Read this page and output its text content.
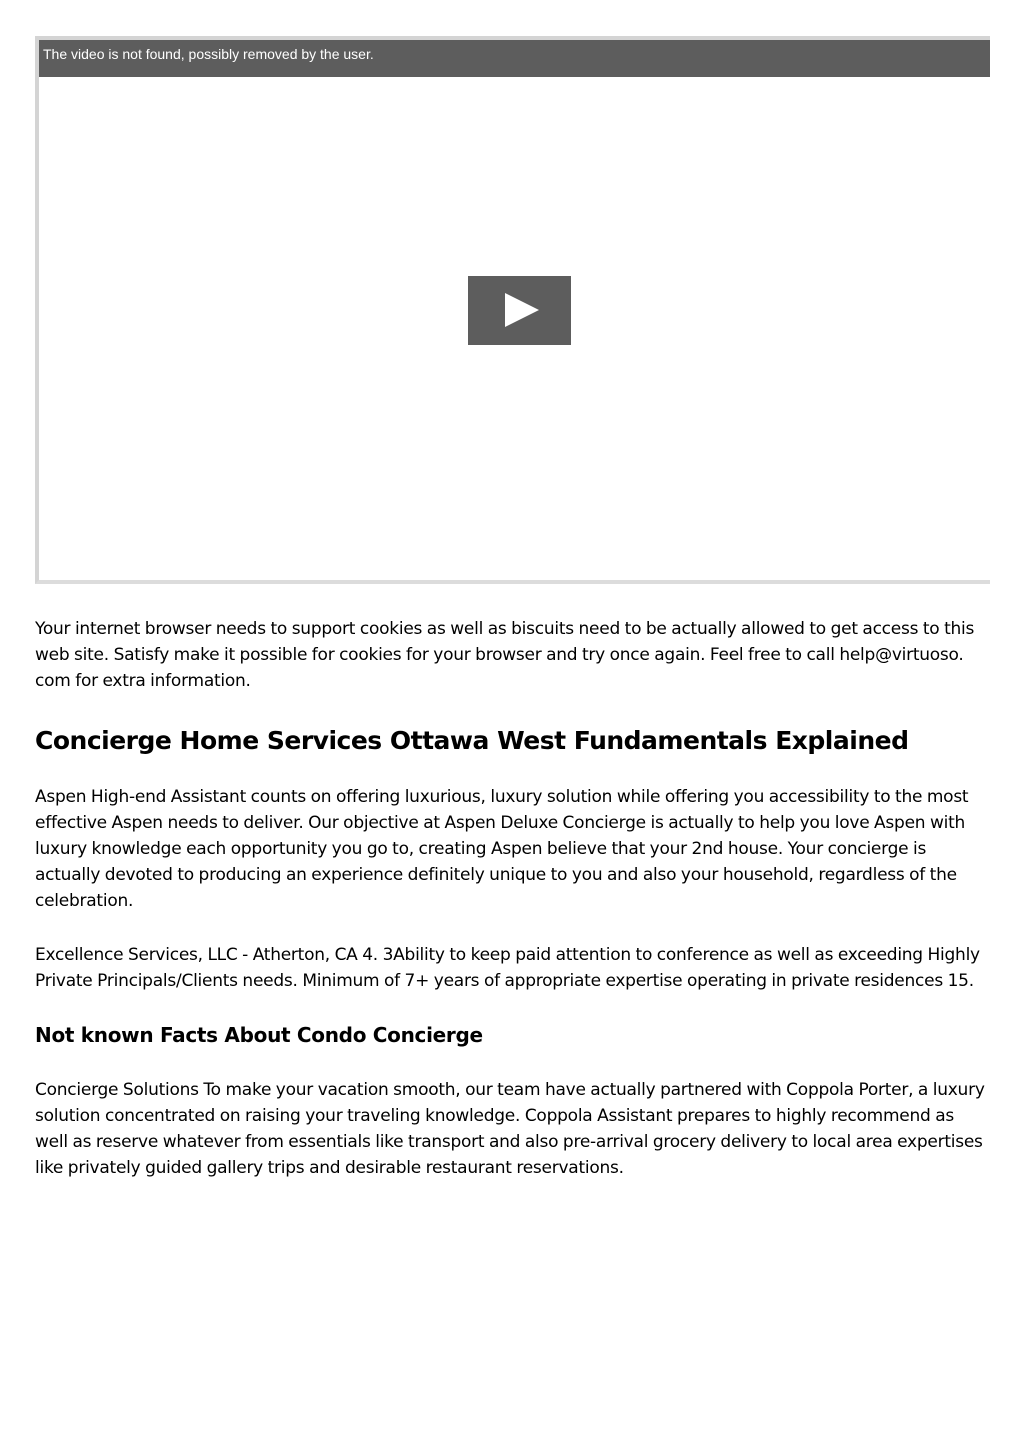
The video is not found, possibly removed by the user.

Your internet browser needs to support cookies as well as biscuits need to be actually allowed to get access to this web site. Satisfy make it possible for cookies for your browser and try once again. Feel free to call help@virtuoso. com for extra information.

Concierge Home Services Ottawa West Fundamentals Explained

Aspen High-end Assistant counts on offering luxurious, luxury solution while offering you accessibility to the most effective Aspen needs to deliver. Our objective at Aspen Deluxe Concierge is actually to help you love Aspen with luxury knowledge each opportunity you go to, creating Aspen believe that your 2nd house. Your concierge is actually devoted to producing an experience definitely unique to you and also your household, regardless of the celebration.

Excellence Services, LLC - Atherton, CA 4. 3Ability to keep paid attention to conference as well as exceeding Highly Private Principals/Clients needs. Minimum of 7+ years of appropriate expertise operating in private residences 15.

Not known Facts About Condo Concierge

Concierge Solutions To make your vacation smooth, our team have actually partnered with Coppola Porter, a luxury solution concentrated on raising your traveling knowledge. Coppola Assistant prepares to highly recommend as well as reserve whatever from essentials like transport and also pre-arrival grocery delivery to local area expertises like privately guided gallery trips and desirable restaurant reservations.
